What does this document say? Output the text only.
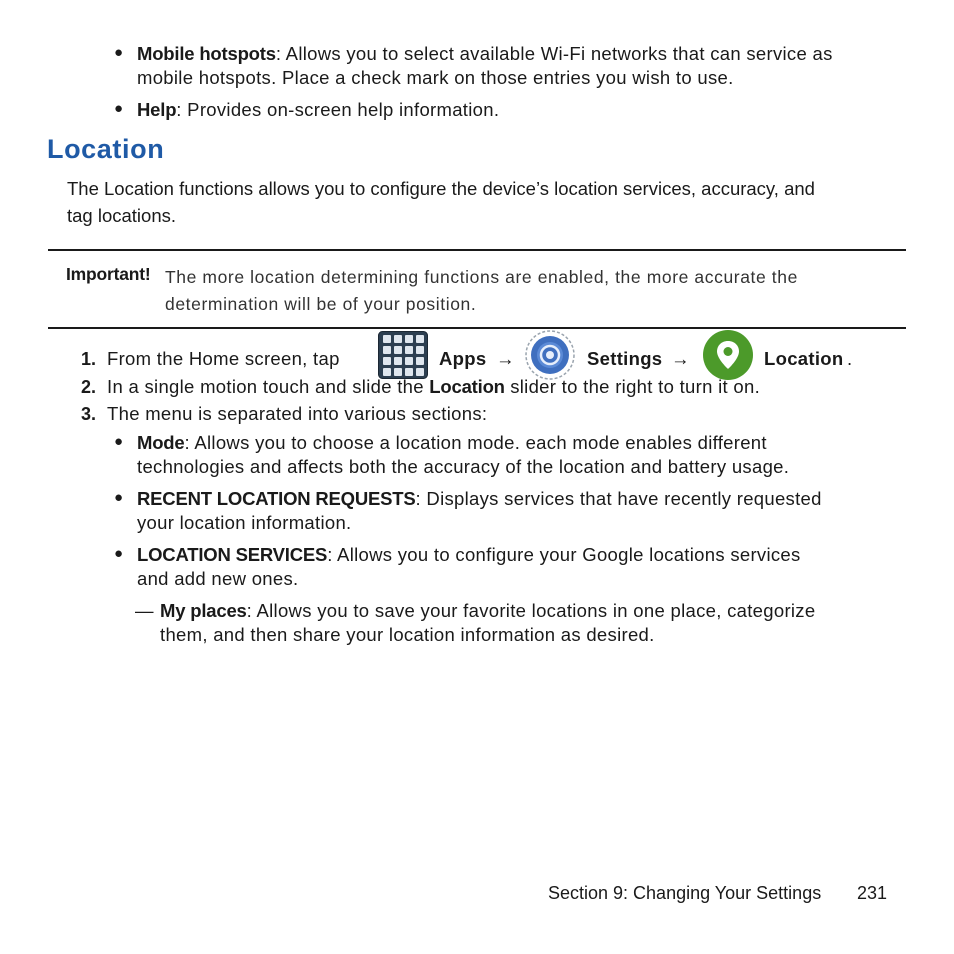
● Mobile hotspots: Allows you to select available Wi-Fi networks that can service as
mobile hotspots. Place a check mark on those entries you wish to use.
● Help: Provides on-screen help information.
Location
The Location functions allows you to configure the device’s location services, accuracy, and
tag locations.
Important! The more location determining functions are enabled, the more accurate the
determination will be of your position.
1. From the Home screen, tap	Apps →	Settings →	Location .
2. In a single motion touch and slide the Location slider to the right to turn it on.
3. The menu is separated into various sections:
● Mode: Allows you to choose a location mode. each mode enables different
technologies and affects both the accuracy of the location and battery usage.
● RECENT LOCATION REQUESTS: Displays services that have recently requested
your location information.
● LOCATION SERVICES: Allows you to configure your Google locations services
and add new ones.
— My places: Allows you to save your favorite locations in one place, categorize
them, and then share your location information as desired.
Section 9: Changing Your Settings 231
